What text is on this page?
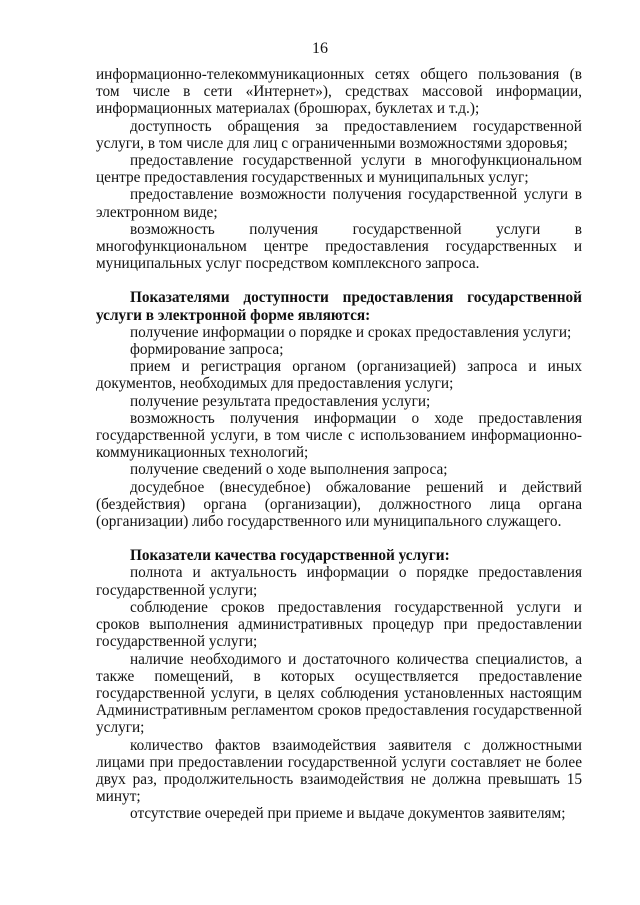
16

информационно-телекоммуникационных сетях общего пользования (в том числе в сети «Интернет»), средствах массовой информации, информационных материалах (брошюрах, буклетах и т.д.);

доступность обращения за предоставлением государственной услуги, в том числе для лиц с ограниченными возможностями здоровья;

предоставление государственной услуги в многофункциональном центре предоставления государственных и муниципальных услуг;

предоставление возможности получения государственной услуги в электронном виде;

возможность получения государственной услуги в многофункциональном центре предоставления государственных и муниципальных услуг посредством комплексного запроса.

Показателями доступности предоставления государственной услуги в электронной форме являются:

получение информации о порядке и сроках предоставления услуги;

формирование запроса;

прием и регистрация органом (организацией) запроса и иных документов, необходимых для предоставления услуги;

получение результата предоставления услуги;

возможность получения информации о ходе предоставления государственной услуги, в том числе с использованием информационно-коммуникационных технологий;

получение сведений о ходе выполнения запроса;

досудебное (внесудебное) обжалование решений и действий (бездействия) органа (организации), должностного лица органа (организации) либо государственного или муниципального служащего.

Показатели качества государственной услуги:

полнота и актуальность информации о порядке предоставления государственной услуги;

соблюдение сроков предоставления государственной услуги и сроков выполнения административных процедур при предоставлении государственной услуги;

наличие необходимого и достаточного количества специалистов, а также помещений, в которых осуществляется предоставление государственной услуги, в целях соблюдения установленных настоящим Административным регламентом сроков предоставления государственной услуги;

количество фактов взаимодействия заявителя с должностными лицами при предоставлении государственной услуги составляет не более двух раз, продолжительность взаимодействия не должна превышать 15 минут;

отсутствие очередей при приеме и выдаче документов заявителям;
